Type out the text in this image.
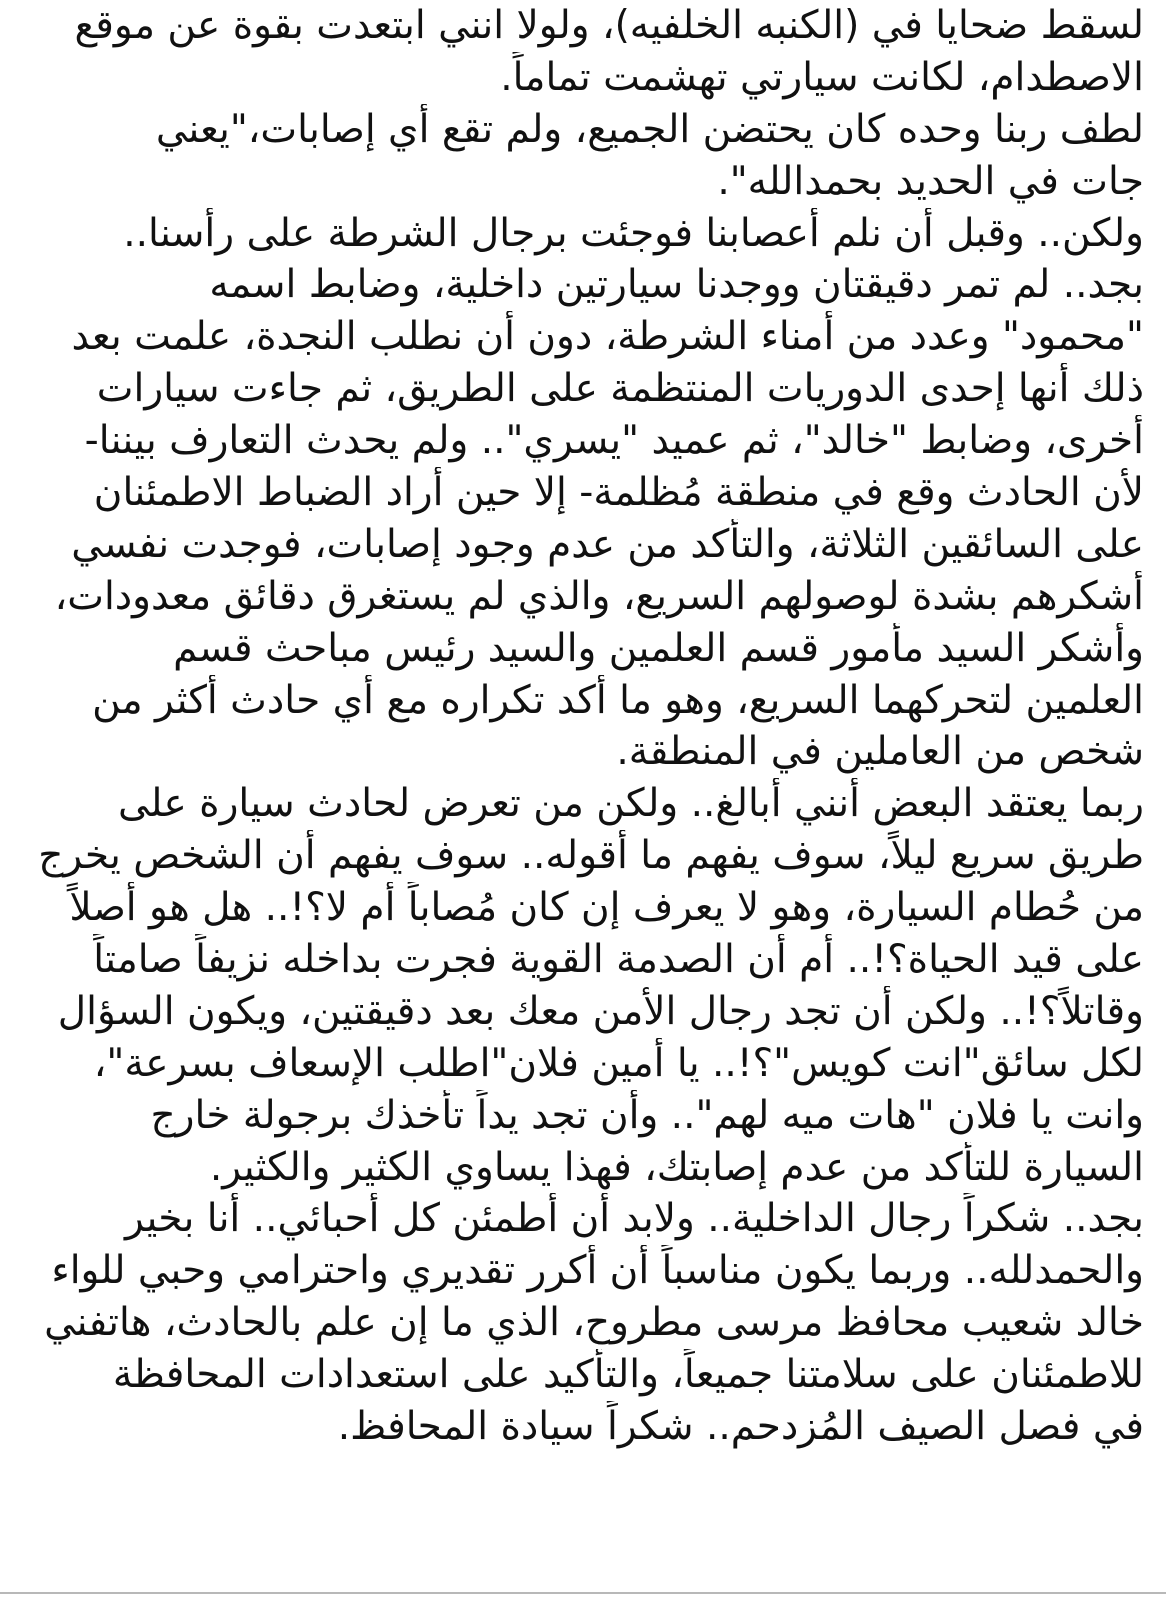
لسقط ضحايا في (الكنبه الخلفيه)، ولولا انني ابتعدت بقوة عن موقع
الاصطدام، لكانت سيارتي تهشمت تماماً.
لطف ربنا وحده كان يحتضن الجميع، ولم تقع أي إصابات،"يعني
جات في الحديد بحمدالله".
ولكن.. وقبل أن نلم أعصابنا فوجئت برجال الشرطة على رأسنا..
بجد.. لم تمر دقيقتان ووجدنا سيارتين داخلية، وضابط اسمه
"محمود" وعدد من أمناء الشرطة، دون أن نطلب النجدة، علمت بعد
ذلك أنها إحدى الدوريات المنتظمة على الطريق، ثم جاءت سيارات
أخرى، وضابط "خالد"، ثم عميد "يسري".. ولم يحدث التعارف بيننا-
لأن الحادث وقع في منطقة مُظلمة- إلا حين أراد الضباط الاطمئنان
على السائقين الثلاثة، والتأكد من عدم وجود إصابات، فوجدت نفسي
أشكرهم بشدة لوصولهم السريع، والذي لم يستغرق دقائق معدودات،
وأشكر السيد مأمور قسم العلمين والسيد رئيس مباحث قسم
العلمين لتحركهما السريع، وهو ما أكد تكراره مع أي حادث أكثر من
شخص من العاملين في المنطقة.
ربما يعتقد البعض أنني أُبالغ.. ولكن من تعرض لحادث سيارة على
طريق سريع ليلاً، سوف يفهم ما أقوله.. سوف يفهم أن الشخص يخرج
من حُطام السيارة، وهو لا يعرف إن كان مُصاباً أم لا؟!.. هل هو أصلاً
على قيد الحياة؟!.. أم أن الصدمة القوية فجرت بداخله نزيفاً صامتاً
وقاتلاً؟!.. ولكن أن تجد رجال الأمن معك بعد دقيقتين، ويكون السؤال
لكل سائق"انت كويس"؟!.. يا أمين فلان"اطلب الإسعاف بسرعة"،
وانت يا فلان "هات ميه لهم".. وأن تجد يداً تأخذك برجولة خارج
السيارة للتأكد من عدم إصابتك، فهذا يساوي الكثير والكثير.
بجد.. شكراً رجال الداخلية.. ولابد أن أُطمئن كل أحبائي.. أنا بخير
والحمدلله.. وربما يكون مناسباً أن أكرر تقديري واحترامي وحبي للواء
خالد شعيب محافظ مرسى مطروح، الذي ما إن علم بالحادث، هاتفني
للاطمئنان على سلامتنا جميعاً، والتأكيد على استعدادات المحافظة
في فصل الصيف المُزدحم.. شكراً سيادة المحافظ.
